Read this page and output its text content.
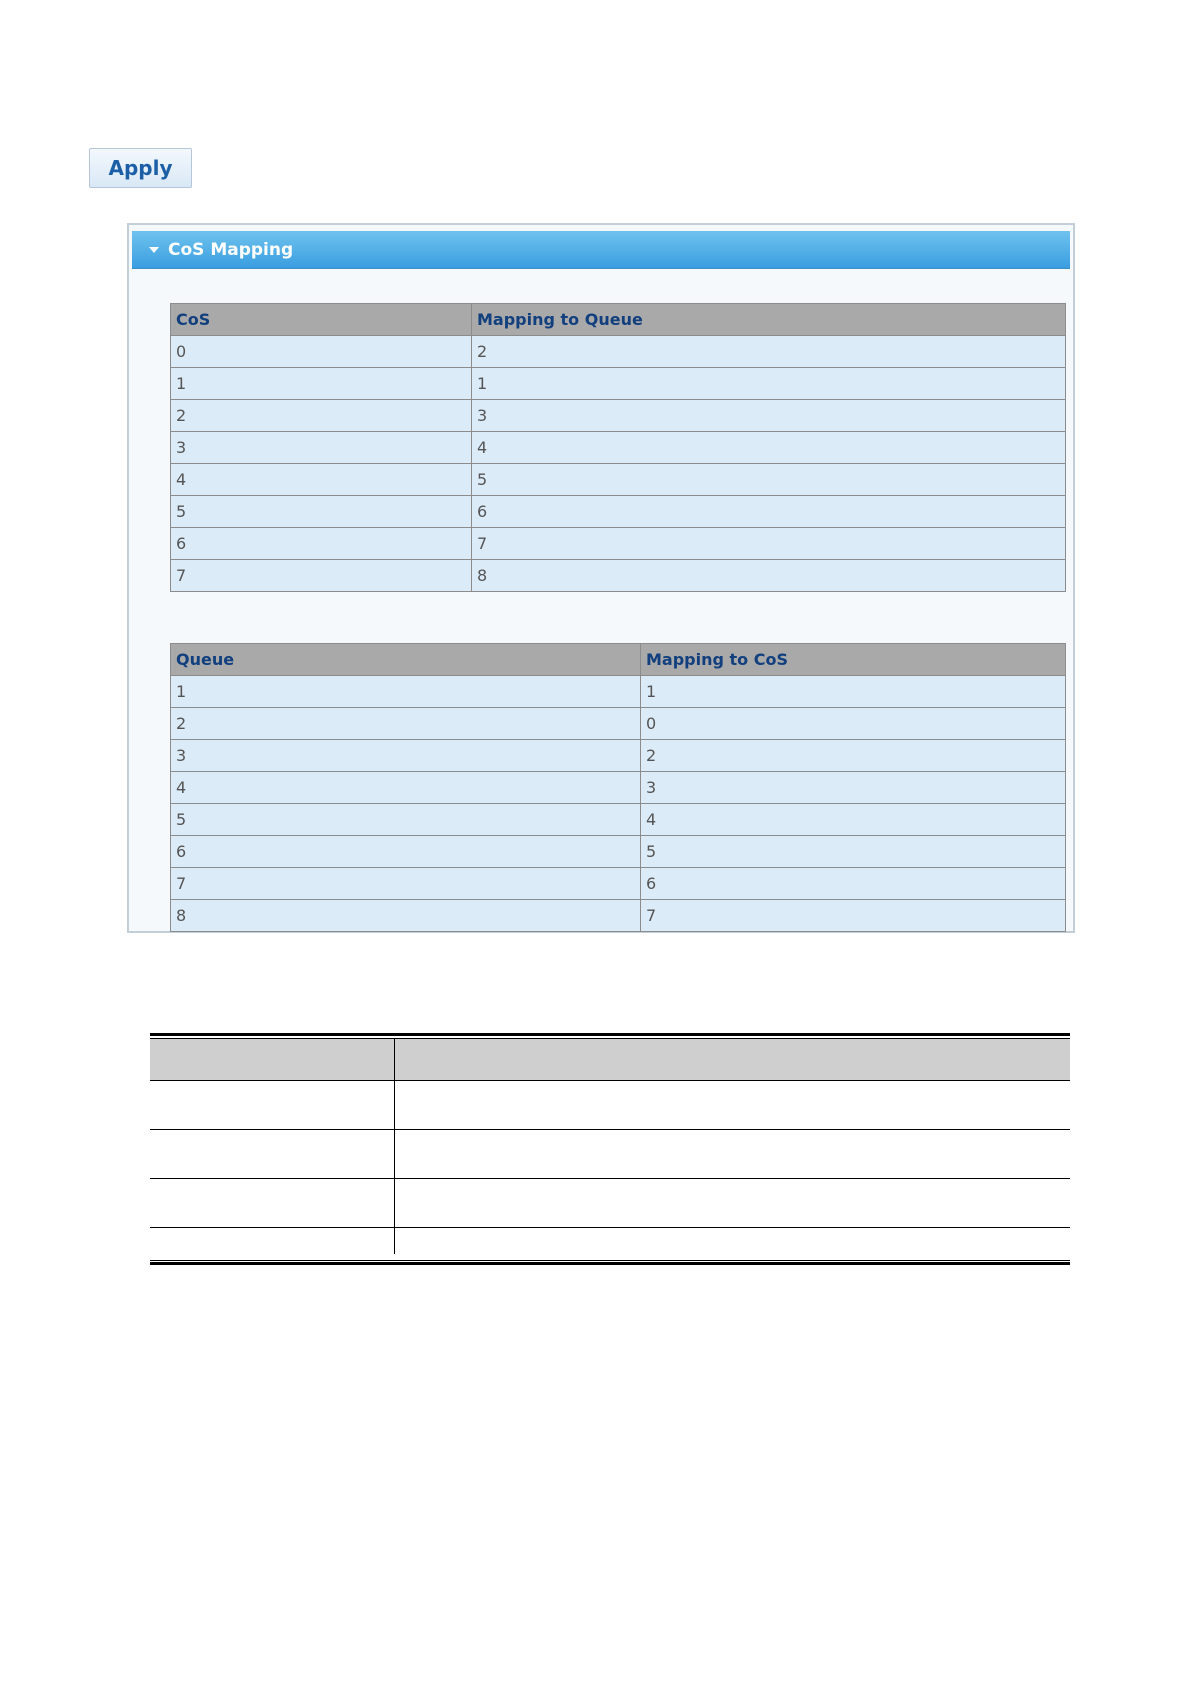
Apply
CoS Mapping
CoS	Mapping to Queue
0	2
1	1
2	3
3	4
4	5
5	6
6	7
7	8
Queue	Mapping to CoS
1	1
2	0
3	2
4	3
5	4
6	5
7	6
8	7
